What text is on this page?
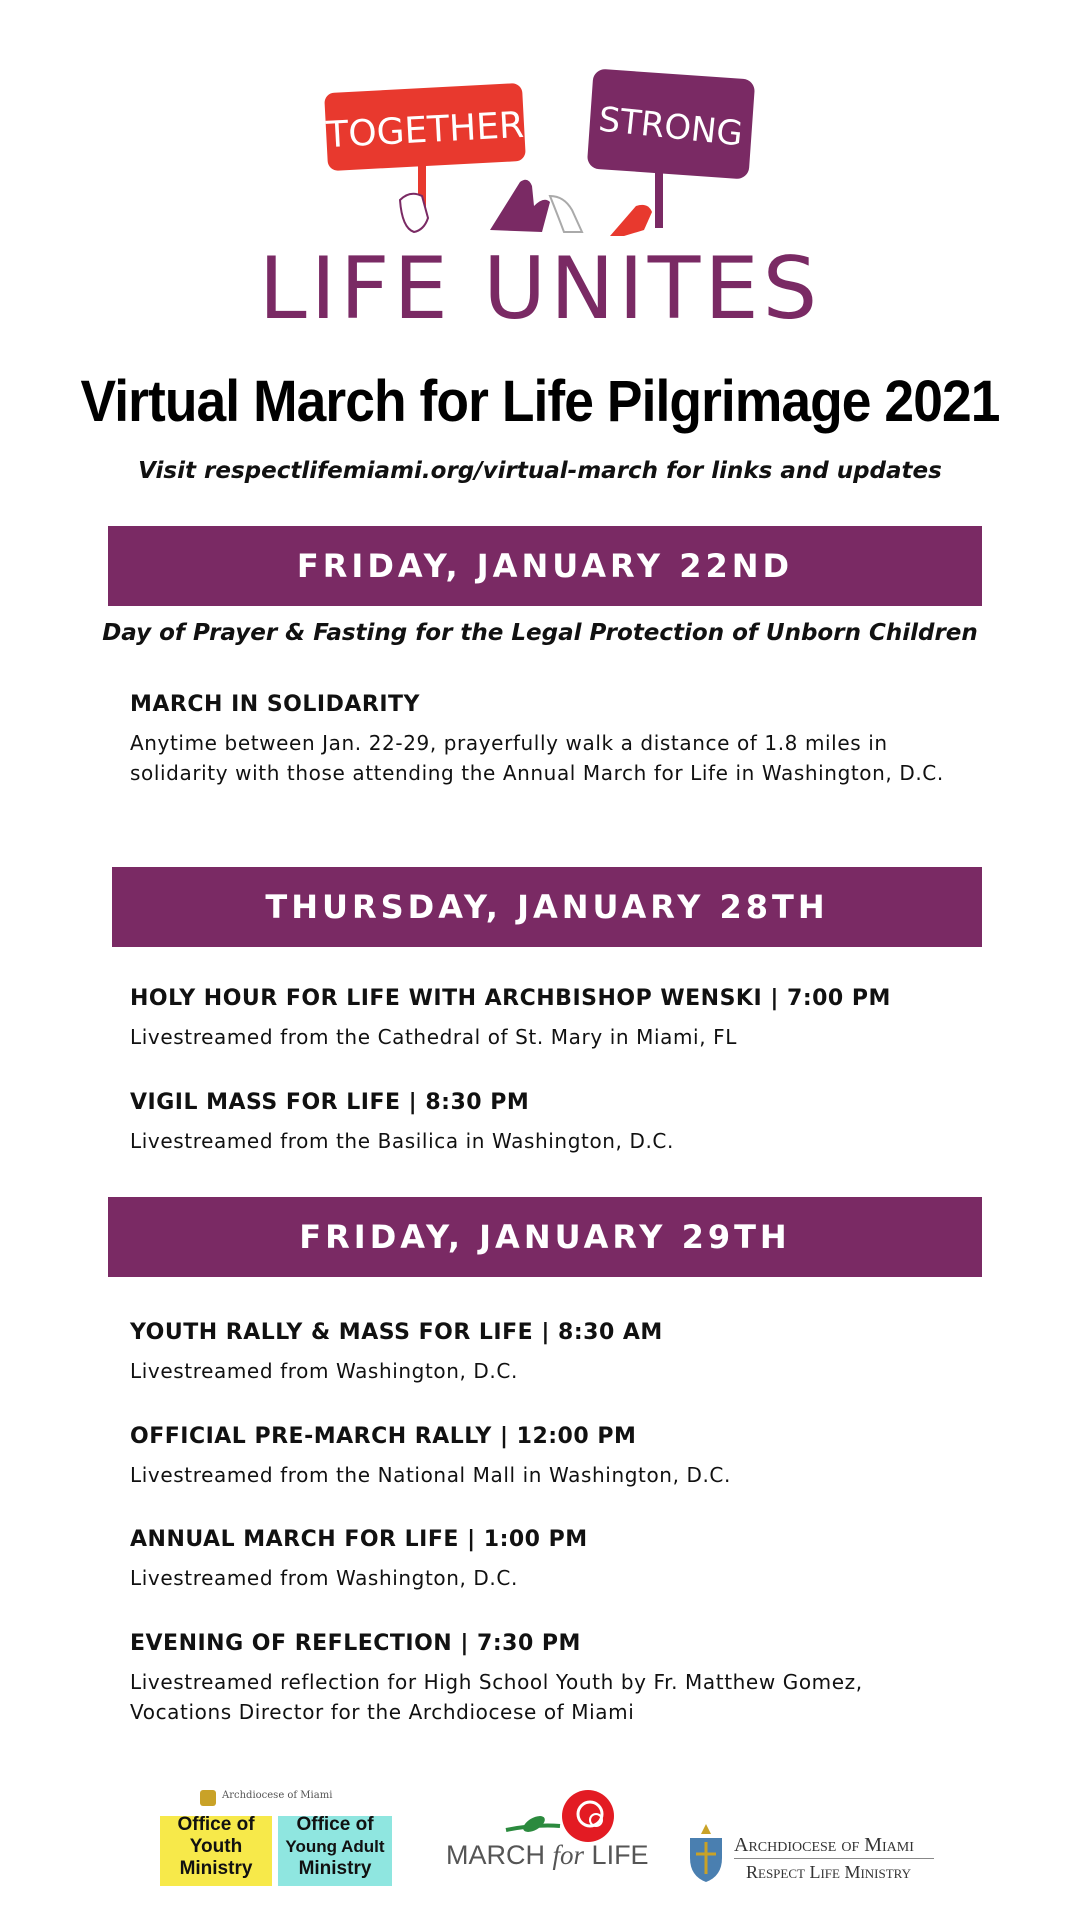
TOGETHER STRONG
LIFE UNITES
Virtual March for Life Pilgrimage 2021
Visit respectlifemiami.org/virtual-march for links and updates
FRIDAY, JANUARY 22ND
Day of Prayer & Fasting for the Legal Protection of Unborn Children
MARCH IN SOLIDARITY
Anytime between Jan. 22-29, prayerfully walk a distance of 1.8 miles in solidarity with those attending the Annual March for Life in Washington, D.C.
THURSDAY, JANUARY 28TH
HOLY HOUR FOR LIFE WITH ARCHBISHOP WENSKI | 7:00 PM
Livestreamed from the Cathedral of St. Mary in Miami, FL
VIGIL MASS FOR LIFE | 8:30 PM
Livestreamed from the Basilica in Washington, D.C.
FRIDAY, JANUARY 29TH
YOUTH RALLY & MASS FOR LIFE | 8:30 AM
Livestreamed from Washington, D.C.
OFFICIAL PRE-MARCH RALLY | 12:00 PM
Livestreamed from the National Mall in Washington, D.C.
ANNUAL MARCH FOR LIFE | 1:00 PM
Livestreamed from Washington, D.C.
EVENING OF REFLECTION | 7:30 PM
Livestreamed reflection for High School Youth by Fr. Matthew Gomez, Vocations Director for the Archdiocese of Miami
Archdiocese of Miami
Office of
Youth
Ministry
Office of
Young Adult
Ministry	MARCH for LIFE	Archdiocese of Miami
Respect Life Ministry
